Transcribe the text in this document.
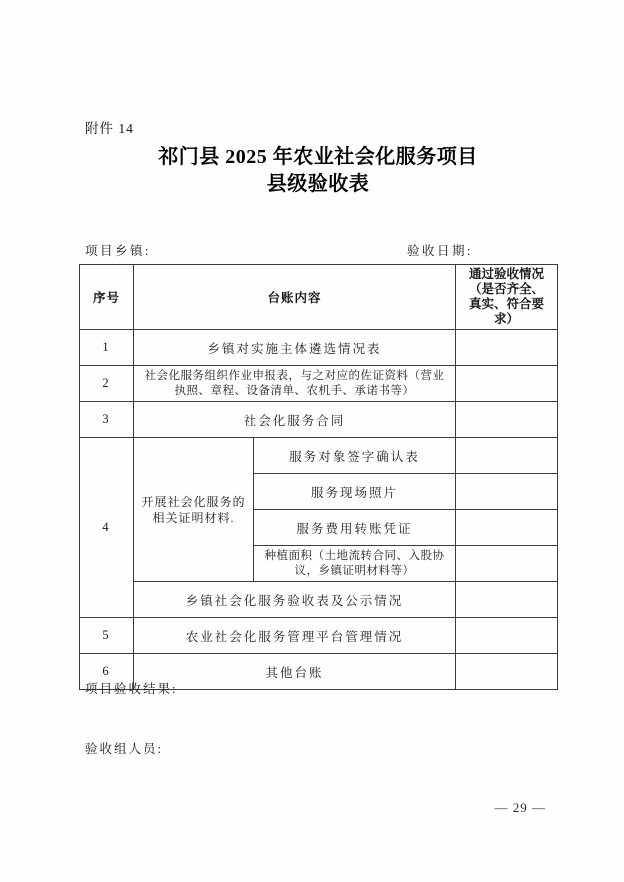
附件 14
祁门县 2025 年农业社会化服务项目
县级验收表
项目乡镇:	验收日期:
序号	台账内容		通过验收情况（是否齐全、真实、符合要求）
1	乡镇对实施主体遴选情况表		
2	社会化服务组织作业申报表，与之对应的佐证资料（营业执照、章程、设备清单、农机手、承诺书等）		
3	社会化服务合同		
4	开展社会化服务的相关证明材料.	服务对象签字确认表	
		服务现场照片	
		服务费用转账凭证	
		种植面积（土地流转合同、入股协议，乡镇证明材料等）	
	乡镇社会化服务验收表及公示情况		
5	农业社会化服务管理平台管理情况		
6	其他台账		
项目验收结果:
验收组人员:
— 29 —
